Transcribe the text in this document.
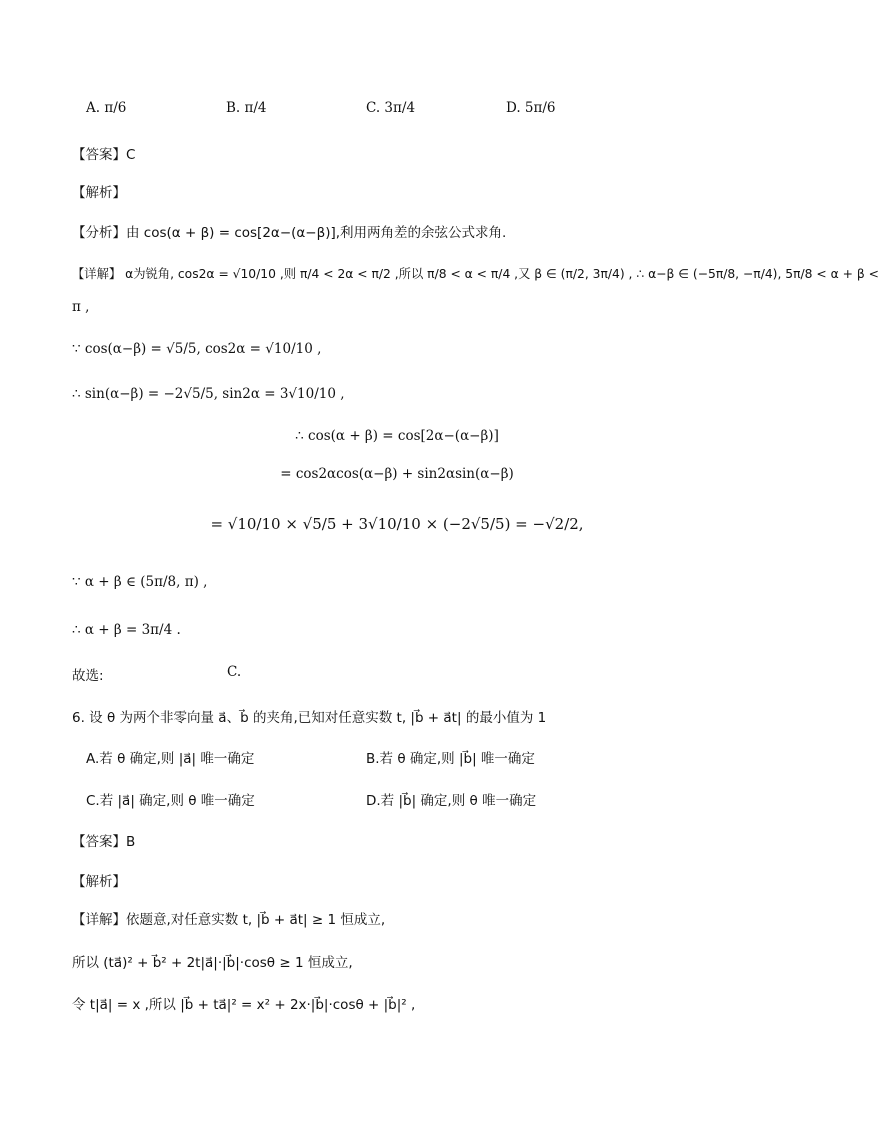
A. π/6	B. π/4	C. 3π/4	D. 5π/6
【答案】C
【解析】
【分析】由 cos(α + β) = cos[2α−(α−β)],利用两角差的余弦公式求角.
【详解】 α为锐角, cos2α = √10/10 ,则 π/4 < 2α < π/2 ,所以 π/8 < α < π/4 ,又 β ∈ (π/2, 3π/4) , ∴ α−β ∈ (−5π/8, −π/4), 5π/8 < α + β <
π ,
∵ cos(α−β) = √5/5, cos2α = √10/10 ,
∴ sin(α−β) = −2√5/5, sin2α = 3√10/10 ,
∴ cos(α + β) = cos[2α−(α−β)]
= cos2αcos(α−β) + sin2αsin(α−β)
= √10/10 × √5/5 + 3√10/10 × (−2√5/5) = −√2/2,
∵ α + β ∈ (5π/8, π) ,
∴ α + β = 3π/4 .
故选:	C.
6. 设 θ 为两个非零向量 a⃗、b⃗ 的夹角,已知对任意实数 t, |b⃗ + a⃗t| 的最小值为 1
A.若 θ 确定,则 |a⃗| 唯一确定	B.若 θ 确定,则 |b⃗| 唯一确定
C.若 |a⃗| 确定,则 θ 唯一确定	D.若 |b⃗| 确定,则 θ 唯一确定
【答案】B
【解析】
【详解】依题意,对任意实数 t, |b⃗ + a⃗t| ≥ 1 恒成立,
所以 (ta⃗)² + b⃗² + 2t|a⃗|·|b⃗|·cosθ ≥ 1 恒成立,
令 t|a⃗| = x ,所以 |b⃗ + ta⃗|² = x² + 2x·|b⃗|·cosθ + |b⃗|² ,
